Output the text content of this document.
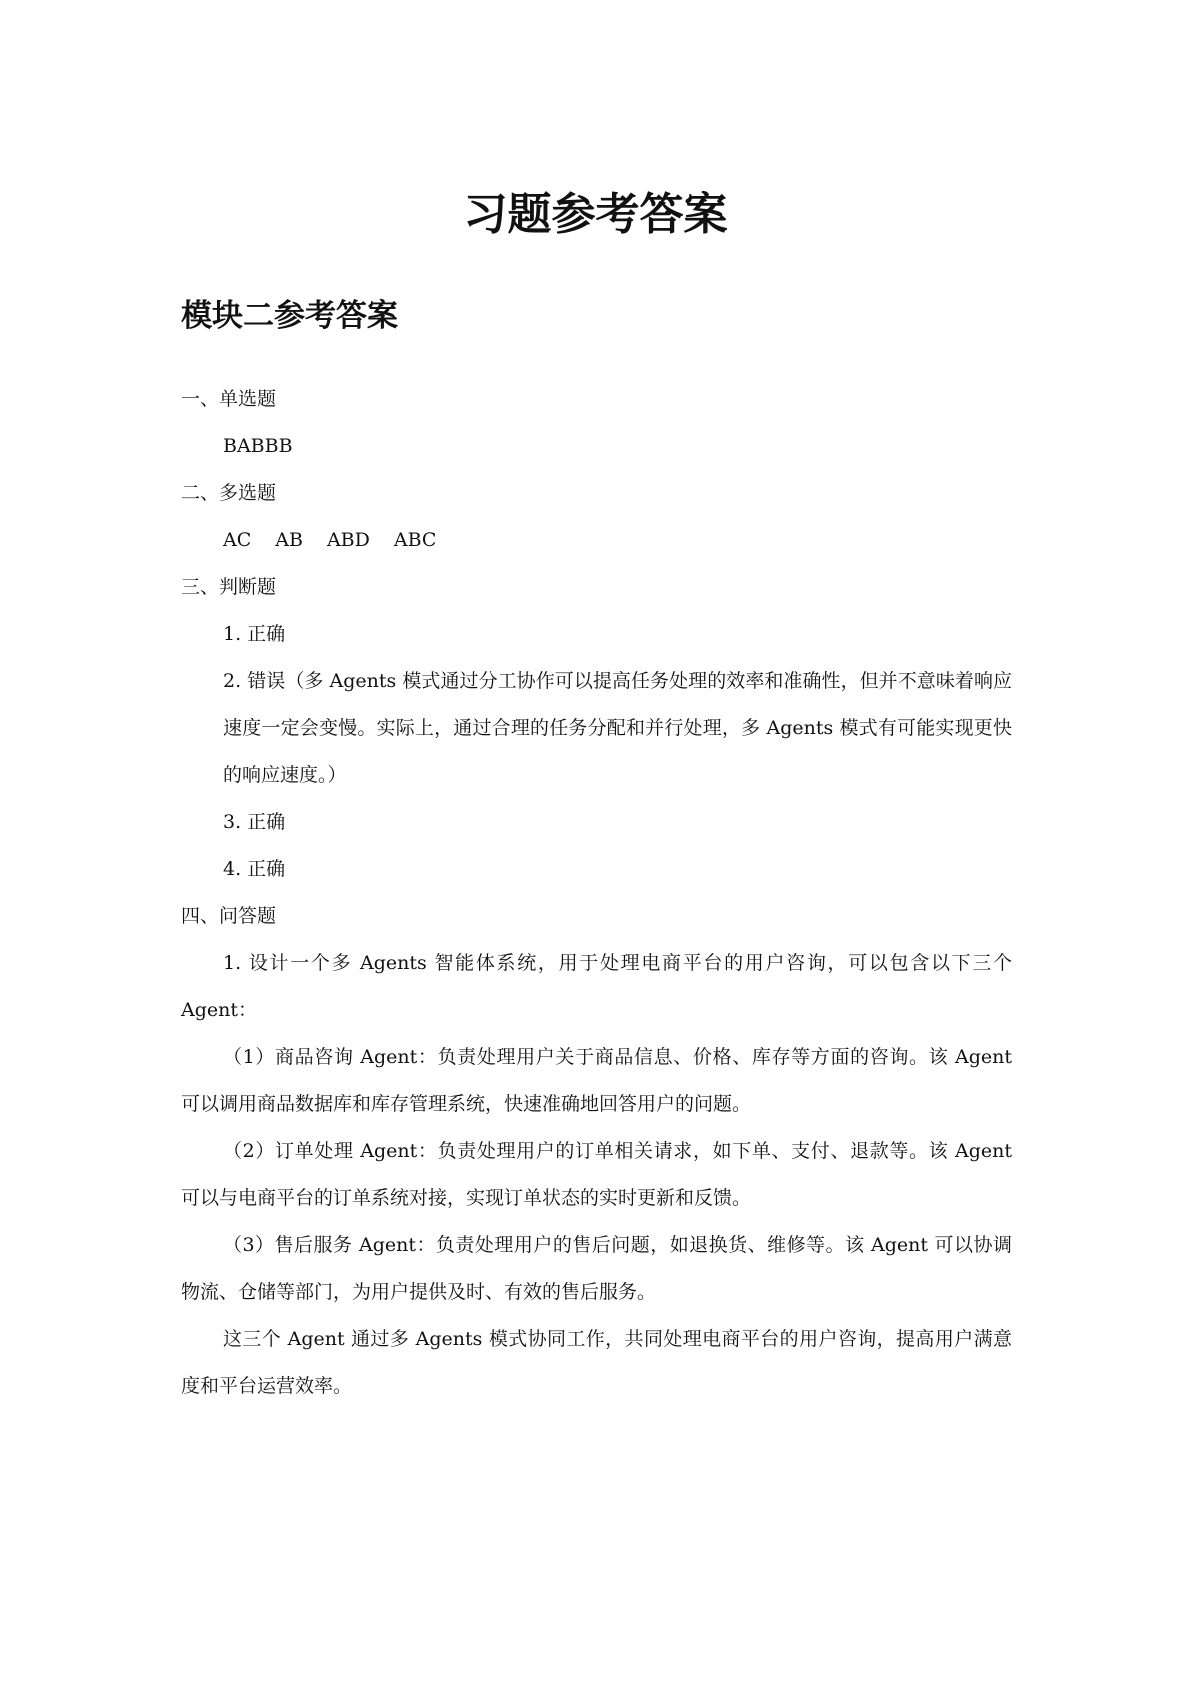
习题参考答案
模块二参考答案

一、单选题

BABBB

二、多选题

AC AB ABD ABC

三、判断题

1. 正确

2. 错误（多 Agents 模式通过分工协作可以提高任务处理的效率和准确性，但并不意味着响应速度一定会变慢。实际上，通过合理的任务分配和并行处理，多 Agents 模式有可能实现更快的响应速度。）

3. 正确

4. 正确

四、问答题

1. 设计一个多 Agents 智能体系统，用于处理电商平台的用户咨询，可以包含以下三个 Agent：

（1）商品咨询 Agent：负责处理用户关于商品信息、价格、库存等方面的咨询。该 Agent 可以调用商品数据库和库存管理系统，快速准确地回答用户的问题。

（2）订单处理 Agent：负责处理用户的订单相关请求，如下单、支付、退款等。该 Agent 可以与电商平台的订单系统对接，实现订单状态的实时更新和反馈。

（3）售后服务 Agent：负责处理用户的售后问题，如退换货、维修等。该 Agent 可以协调物流、仓储等部门，为用户提供及时、有效的售后服务。

这三个 Agent 通过多 Agents 模式协同工作，共同处理电商平台的用户咨询，提高用户满意度和平台运营效率。
